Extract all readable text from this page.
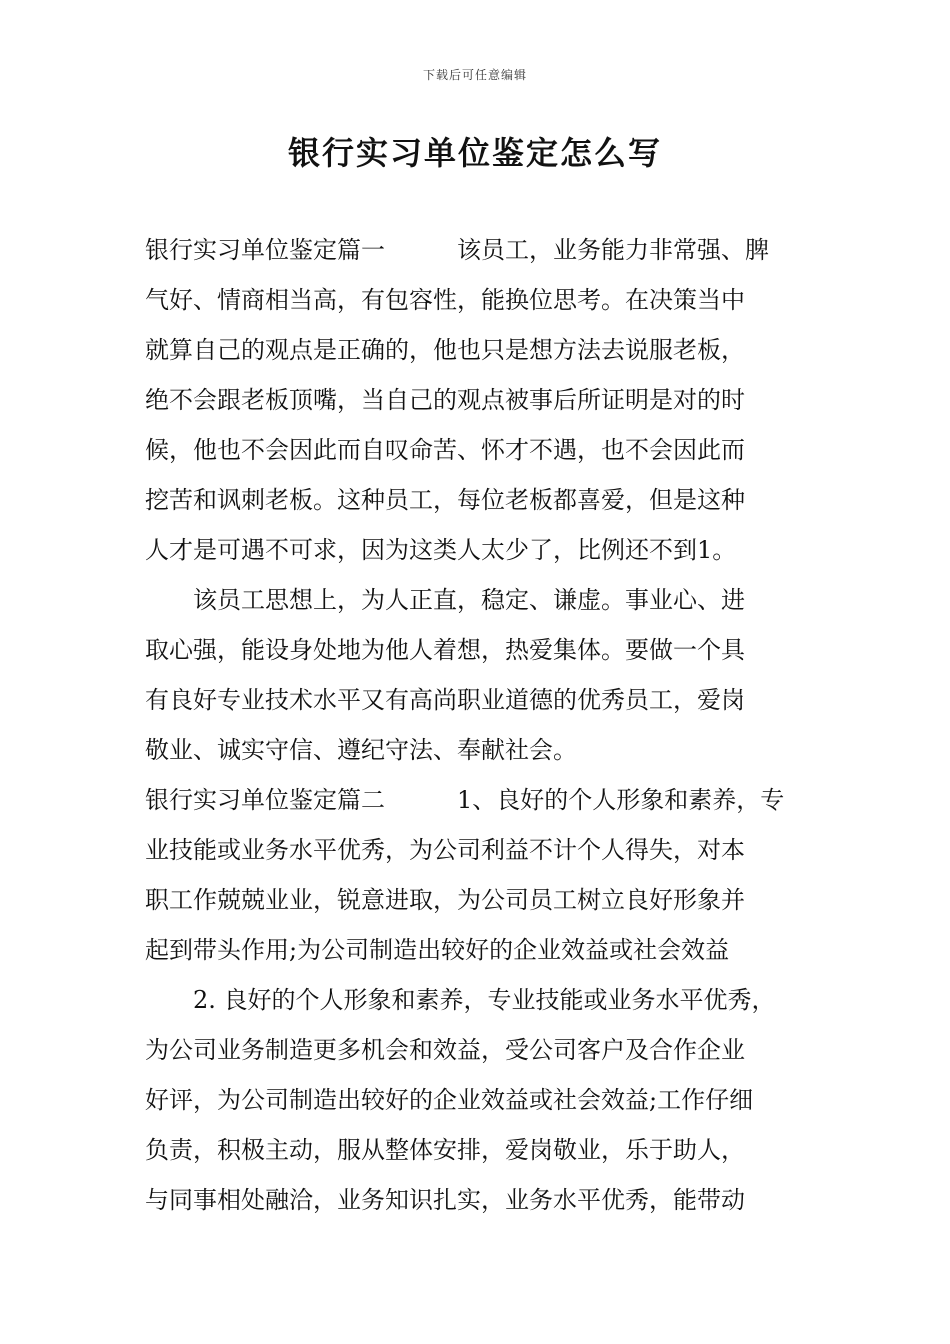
下载后可任意编辑
银行实习单位鉴定怎么写
银行实习单位鉴定篇一　　　该员工，业务能力非常强、脾
气好、情商相当高，有包容性，能换位思考。在决策当中
就算自己的观点是正确的，他也只是想方法去说服老板，
绝不会跟老板顶嘴，当自己的观点被事后所证明是对的时
候，他也不会因此而自叹命苦、怀才不遇，也不会因此而
挖苦和讽刺老板。这种员工，每位老板都喜爱，但是这种
人才是可遇不可求，因为这类人太少了，比例还不到1。
　　该员工思想上，为人正直，稳定、谦虚。事业心、进
取心强，能设身处地为他人着想，热爱集体。要做一个具
有良好专业技术水平又有高尚职业道德的优秀员工，爱岗
敬业、诚实守信、遵纪守法、奉献社会。
银行实习单位鉴定篇二　　　1、良好的个人形象和素养，专
业技能或业务水平优秀，为公司利益不计个人得失，对本
职工作兢兢业业，锐意进取，为公司员工树立良好形象并
起到带头作用;为公司制造出较好的企业效益或社会效益
　　2. 良好的个人形象和素养，专业技能或业务水平优秀，
为公司业务制造更多机会和效益，受公司客户及合作企业
好评，为公司制造出较好的企业效益或社会效益;工作仔细
负责，积极主动，服从整体安排，爱岗敬业，乐于助人，
与同事相处融洽，业务知识扎实，业务水平优秀，能带动
